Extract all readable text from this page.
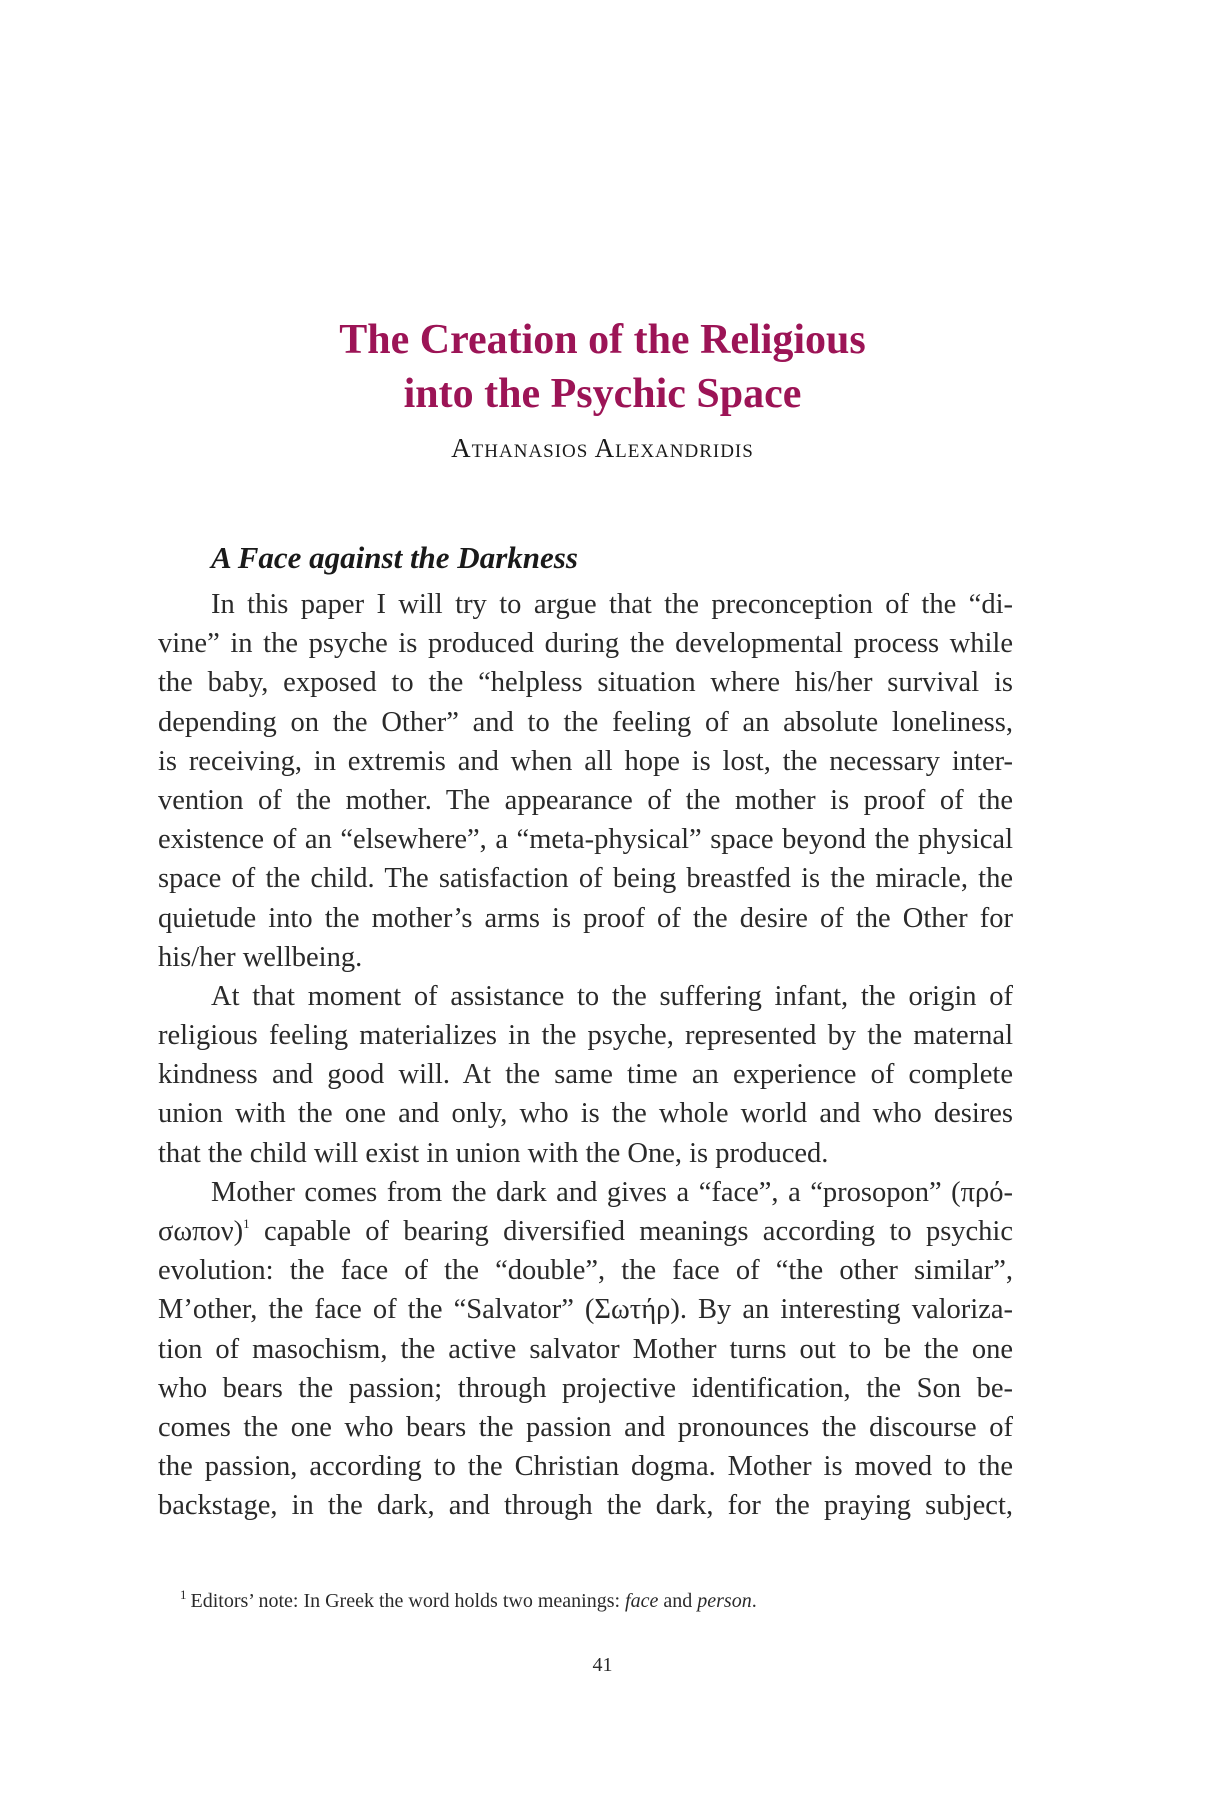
The Creation of the Religious
into the Psychic Space
Athanasios Alexandridis
A Face against the Darkness
In this paper I will try to argue that the preconception of the “di-
vine” in the psyche is produced during the developmental process while
the baby, exposed to the “helpless situation where his/her survival is
depending on the Other” and to the feeling of an absolute loneliness,
is receiving, in extremis and when all hope is lost, the necessary inter-
vention of the mother. The appearance of the mother is proof of the
existence of an “elsewhere”, a “meta-physical” space beyond the physical
space of the child. The satisfaction of being breastfed is the miracle, the
quietude into the mother’s arms is proof of the desire of the Other for
his/her wellbeing.
At that moment of assistance to the suffering infant, the origin of
religious feeling materializes in the psyche, represented by the maternal
kindness and good will. At the same time an experience of complete
union with the one and only, who is the whole world and who desires
that the child will exist in union with the One, is produced.
Mother comes from the dark and gives a “face”, a “prosopon” (πρό-
σωπον)$^1$ capable of bearing diversified meanings according to psychic
evolution: the face of the “double”, the face of “the other similar”,
M’other, the face of the “Salvator” (Σωτήρ). By an interesting valoriza-
tion of masochism, the active salvator Mother turns out to be the one
who bears the passion; through projective identification, the Son be-
comes the one who bears the passion and pronounces the discourse of
the passion, according to the Christian dogma. Mother is moved to the
backstage, in the dark, and through the dark, for the praying subject,
$^1$ Editors’ note: In Greek the word holds two meanings: face and person.
41
